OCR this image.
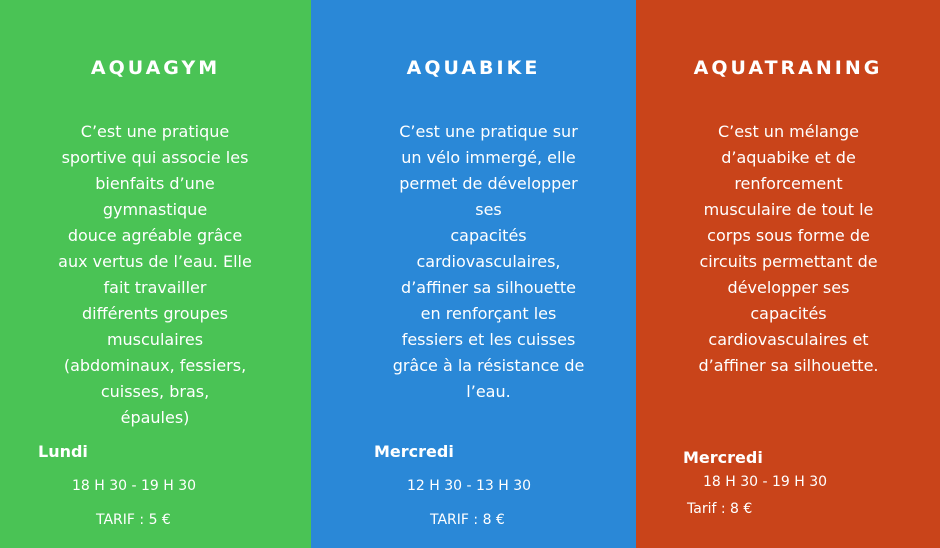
AQUAGYM
C’est une pratique
sportive qui associe les
bienfaits d’une
gymnastique
douce agréable grâce
aux vertus de l’eau. Elle
fait travailler
différents groupes
musculaires
(abdominaux, fessiers,
cuisses, bras,
épaules)
Lundi
18 H 30 - 19 H 30
TARIF : 5 €
AQUABIKE
C’est une pratique sur
un vélo immergé, elle
permet de développer
ses
capacités
cardiovasculaires,
d’affiner sa silhouette
en renforçant les
fessiers et les cuisses
grâce à la résistance de
l’eau.
Mercredi
12 H 30 - 13 H 30
TARIF : 8 €
AQUATRANING
C’est un mélange
d’aquabike et de
renforcement
musculaire de tout le
corps sous forme de
circuits permettant de
développer ses
capacités
cardiovasculaires et
d’affiner sa silhouette.
Mercredi
18 H 30 - 19 H 30
Tarif : 8 €
